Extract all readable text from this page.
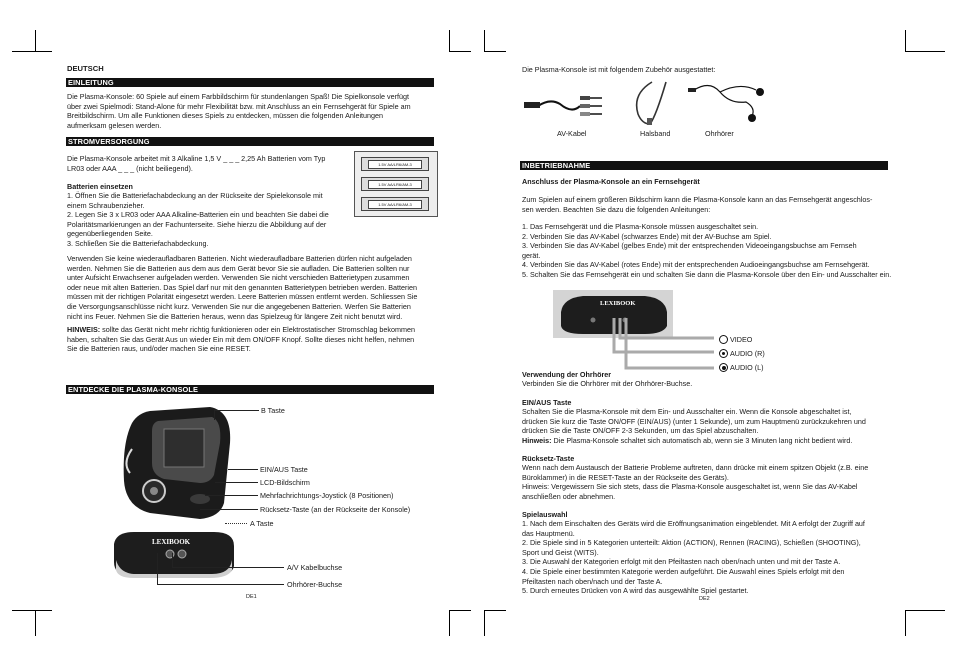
DEUTSCH
EINLEITUNG
Die Plasma-Konsole: 60 Spiele auf einem Farbbildschirm für stundenlangen Spaß! Die Spielkonsole verfügt
über zwei Spielmodi: Stand-Alone für mehr Flexibilität bzw. mit Anschluss an ein Fernsehgerät für Spiele am
Breitbildschirm. Um alle Funktionen dieses Spiels zu entdecken, müssen die folgenden Anleitungen
aufmerksam gelesen werden.
STROMVERSORGUNG
Die Plasma-Konsole arbeitet mit 3 Alkaline 1,5 V _ _ _ 2,25 Ah Batterien vom Typ
LR03 oder AAA _ _ _ (nicht beiliegend).	1.5V AA/LR6/AM-3
1.5V AA/LR6/AM-3
1.5V AA/LR6/AM-3
Batterien einsetzen
1. Öffnen Sie die Batteriefachabdeckung an der Rückseite der Spielekonsole mit
einem Schraubenzieher.
2. Legen Sie 3 x LR03 oder AAA Alkaline-Batterien ein und beachten Sie dabei die
Polaritätsmarkierungen an der Fachunterseite. Siehe hierzu die Abbildung auf der
gegenüberliegenden Seite.
3. Schließen Sie die Batteriefachabdeckung.
Verwenden Sie keine wiederaufladbaren Batterien. Nicht wiederaufladbare Batterien dürfen nicht aufgeladen
werden. Nehmen Sie die Batterien aus dem aus dem Gerät bevor Sie sie aufladen. Die Batterien sollten nur
unter Aufsicht Erwachsener aufgeladen werden. Verwenden Sie nicht verschieden Batterietypen zusammen
oder neue mit alten Batterien. Das Spiel darf nur mit den genannten Batterietypen betrieben werden. Batterien
müssen mit der richtigen Polarität eingesetzt werden. Leere Batterien müssen entfernt werden. Schliessen Sie
die Versorgungsanschlüsse nicht kurz. Verwenden Sie nur die angegebenen Batterien. Werfen Sie Batterien
nicht ins Feuer. Nehmen Sie die Batterien heraus, wenn das Spielzeug für längere Zeit nicht benutzt wird.
HINWEIS: sollte das Gerät nicht mehr richtig funktionieren oder ein Elektrostatischer Stromschlag bekommen
haben, schalten Sie das Gerät Aus un wieder Ein mit dem ON/OFF Knopf. Sollte dieses nicht helfen, nehmen
Sie die Batterien raus, und/oder machen Sie eine RESET.
ENTDECKE DIE PLASMA-KONSOLE
B Taste
EIN/AUS Taste
LCD-Bildschirm
Mehrfachrichtungs-Joystick (8 Positionen)
Rücksetz-Taste (an der Rückseite der Konsole)
A Taste
LEXIBOOK
A/V Kabelbuchse
Ohrhörer-Buchse
DE1
Die Plasma-Konsole ist mit folgendem Zubehör ausgestattet:
AV-Kabel	Halsband	Ohrhörer
INBETRIEBNAHME
Anschluss der Plasma-Konsole an ein Fernsehgerät
Zum Spielen auf einem größeren Bildschirm kann die Plasma-Konsole kann an das Fernsehgerät angeschlos-
sen werden. Beachten Sie dazu die folgenden Anleitungen:
1. Das Fernsehgerät und die Plasma-Konsole müssen ausgeschaltet sein.
2. Verbinden Sie das AV-Kabel (schwarzes Ende) mit der AV-Buchse am Spiel.
3. Verbinden Sie das AV-Kabel (gelbes Ende) mit der entsprechenden Videoeingangsbuchse am Fernseh
gerät.
4. Verbinden Sie das AV-Kabel (rotes Ende) mit der entsprechenden Audioeingangsbuchse am Fernsehgerät.
5. Schalten Sie das Fernsehgerät ein und schalten Sie dann die Plasma-Konsole über den Ein- und Ausschalter ein.
LEXIBOOK
VIDEO
AUDIO (R)
AUDIO (L)
Verwendung der Ohrhörer
Verbinden Sie die Ohrhörer mit der Ohrhörer-Buchse.
EIN/AUS Taste
Schalten Sie die Plasma-Konsole mit dem Ein- und Ausschalter ein. Wenn die Konsole abgeschaltet ist,
drücken Sie kurz die Taste ON/OFF (EIN/AUS) (unter 1 Sekunde), um zum Hauptmenü zurückzukehren und
drücken Sie die Taste ON/OFF 2-3 Sekunden, um das Spiel abzuschalten.
Hinweis: Die Plasma-Konsole schaltet sich automatisch ab, wenn sie 3 Minuten lang nicht bedient wird.
Rücksetz-Taste
Wenn nach dem Austausch der Batterie Probleme auftreten, dann drücke mit einem spitzen Objekt (z.B. eine
Büroklammer) in die RESET-Taste an der Rückseite des Geräts).
Hinweis: Vergewissern Sie sich stets, dass die Plasma-Konsole ausgeschaltet ist, wenn Sie das AV-Kabel
anschließen oder abnehmen.
Spielauswahl
1. Nach dem Einschalten des Geräts wird die Eröffnungsanimation eingeblendet. Mit A erfolgt der Zugriff auf
das Hauptmenü.
2. Die Spiele sind in 5 Kategorien unterteilt: Aktion (ACTION), Rennen (RACING), Schießen (SHOOTING),
Sport und Geist (WITS).
3. Die Auswahl der Kategorien erfolgt mit den Pfeiltasten nach oben/nach unten und mit der Taste A.
4. Die Spiele einer bestimmten Kategorie werden aufgeführt. Die Auswahl eines Spiels erfolgt mit den
Pfeiltasten nach oben/nach und der Taste A.
5. Durch erneutes Drücken von A wird das ausgewählte Spiel gestartet.
DE2
